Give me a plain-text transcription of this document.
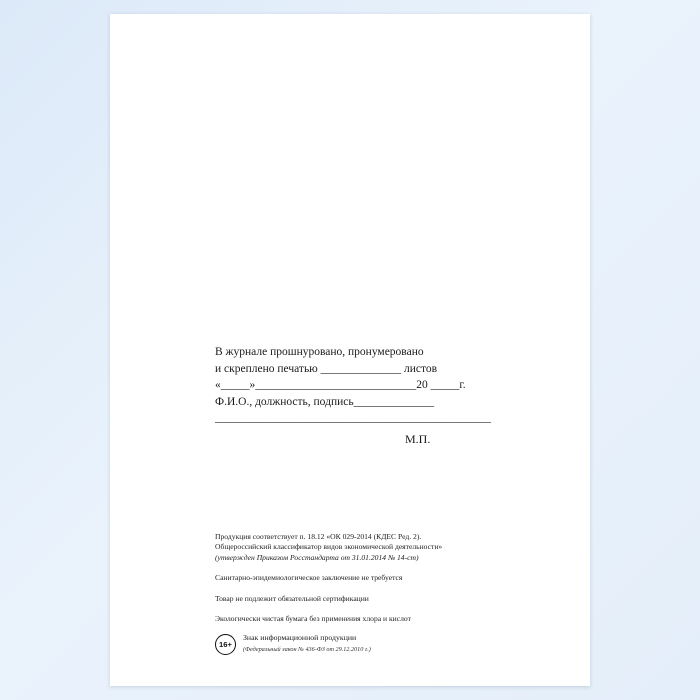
В журнале прошнуровано, пронумеровано
и скреплено печатью ______________ листов
«_____»____________________________20 _____г.
Ф.И.О., должность, подпись______________
________________________________________________
М.П.
Продукция соответствует п. 18.12 «ОК 029-2014 (КДЕС Ред. 2).
Общероссийский классификатор видов экономической деятельности»
(утвержден Приказом Росстандарта от 31.01.2014 № 14-ст)
Санитарно-эпидемиологическое заключение не требуется
Товар не подлежит обязательной сертификации
Экологически чистая бумага без применения хлора и кислот
16+
Знак информационной продукции
(Федеральный закон № 436-ФЗ от 29.12.2010 г.)
